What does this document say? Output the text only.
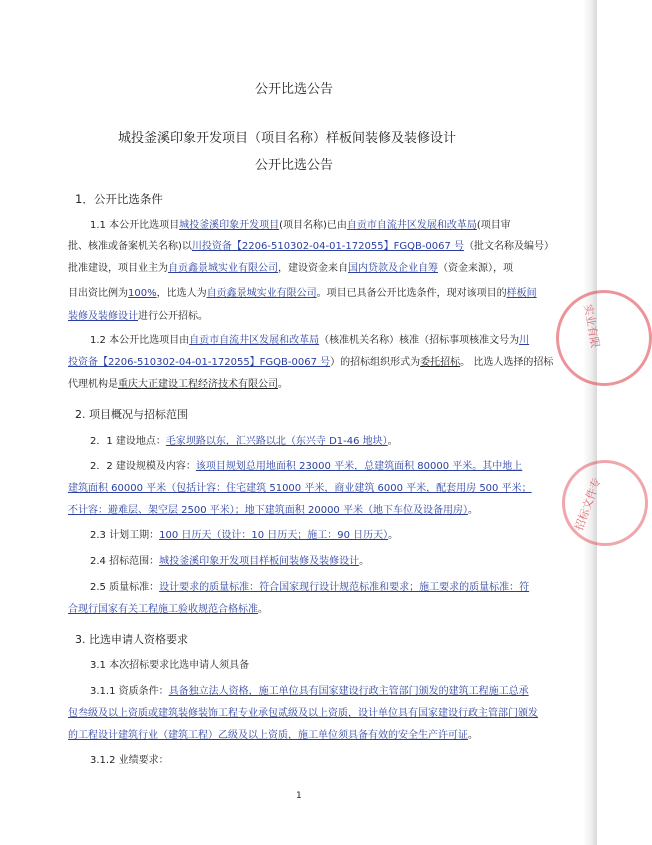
公开比选公告
城投釜溪印象开发项目（项目名称）样板间装修及装修设计
公开比选公告
1．公开比选条件
1.1 本公开比选项目城投釜溪印象开发项目(项目名称)已由自贡市自流井区发展和改革局(项目审
批、核准或备案机关名称)以川投资备【2206-510302-04-01-172055】FGQB-0067 号（批文名称及编号）
批准建设，项目业主为自贡鑫景城实业有限公司，建设资金来自国内贷款及企业自筹（资金来源），项
目出资比例为100%，比选人为自贡鑫景城实业有限公司。项目已具备公开比选条件，现对该项目的样板间
装修及装修设计进行公开招标。
1.2 本公开比选项目由自贡市自流井区发展和改革局（核准机关名称）核准（招标事项核准文号为川
投资备【2206-510302-04-01-172055】FGQB-0067 号）的招标组织形式为委托招标。 比选人选择的招标
代理机构是重庆大正建设工程经济技术有限公司。
2. 项目概况与招标范围
2．1 建设地点：毛家坝路以东，汇兴路以北（东兴寺 D1-46 地块）。
2．2 建设规模及内容：该项目规划总用地面积 23000 平米，总建筑面积 80000 平米。其中地上
建筑面积 60000 平米（包括计容：住宅建筑 51000 平米，商业建筑 6000 平米，配套用房 500 平米；
不计容：避难层、架空层 2500 平米）；地下建筑面积 20000 平米（地下车位及设备用房）。
2.3 计划工期：100 日历天（设计：10 日历天；施工：90 日历天）。
2.4 招标范围：城投釜溪印象开发项目样板间装修及装修设计。
2.5 质量标准：设计要求的质量标准：符合国家现行设计规范标准和要求；施工要求的质量标准：符
合现行国家有关工程施工验收规范合格标准。
3. 比选申请人资格要求
3.1 本次招标要求比选申请人须具备
3.1.1 资质条件：具备独立法人资格，施工单位具有国家建设行政主管部门颁发的建筑工程施工总承
包叁级及以上资质或建筑装修装饰工程专业承包贰级及以上资质，设计单位具有国家建设行政主管部门颁发
的工程设计建筑行业（建筑工程）乙级及以上资质，施工单位须具备有效的安全生产许可证。
3.1.2 业绩要求：
1
实业有限
招标文件专
